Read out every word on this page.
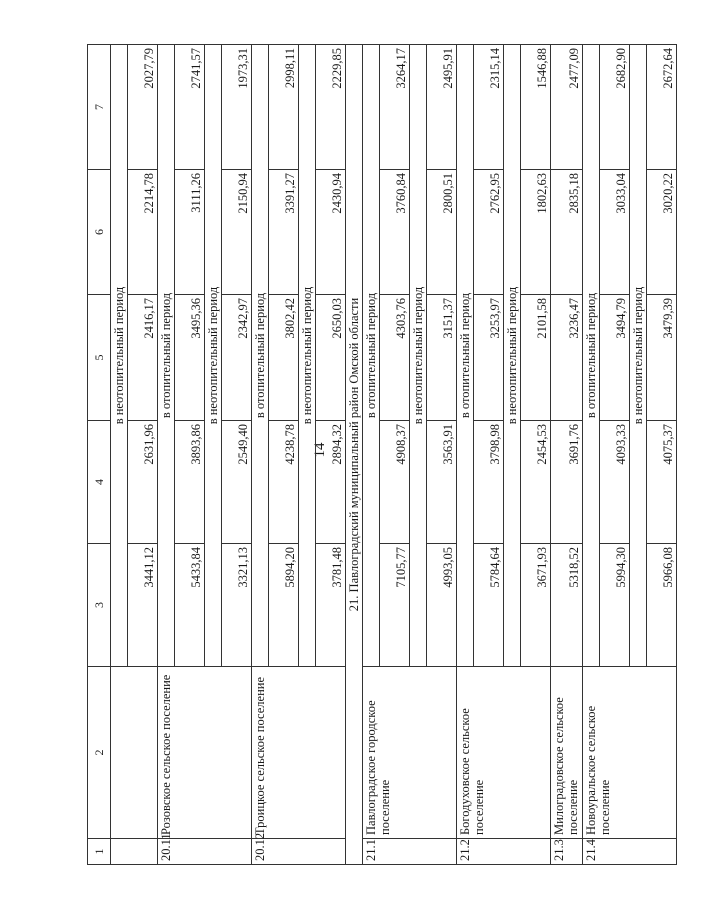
14
1	2	3	4	5	6	7
		в неотопительный период				
		3441,12	2631,96	2416,17	2214,78	2027,79
20.11	Розовское сельское поселение	в отопительный период				
		5433,84	3893,86	3495,36	3111,26	2741,57
		в неотопительный период				
		3321,13	2549,40	2342,97	2150,94	1973,31
20.12	Троицкое сельское поселение	в отопительный период				
		5894,20	4238,78	3802,42	3391,27	2998,11
		в неотопительный период				
		3781,48	2894,32	2650,03	2430,94	2229,85
21. Павлоградский муниципальный район Омской области						
21.1	Павлоградское городское поселение	в отопительный период				
		7105,77	4908,37	4303,76	3760,84	3264,17
		в неотопительный период				
		4993,05	3563,91	3151,37	2800,51	2495,91
21.2	Богодуховское сельское поселение	в отопительный период				
		5784,64	3798,98	3253,97	2762,95	2315,14
		в неотопительный период				
		3671,93	2454,53	2101,58	1802,63	1546,88
21.3	Милоградовское сельское поселение	5318,52	3691,76	3236,47	2835,18	2477,09
21.4	Новоуральское сельское поселение	в отопительный период				
		5994,30	4093,33	3494,79	3033,04	2682,90
		в неотопительный период				
		5966,08	4075,37	3479,39	3020,22	2672,64
